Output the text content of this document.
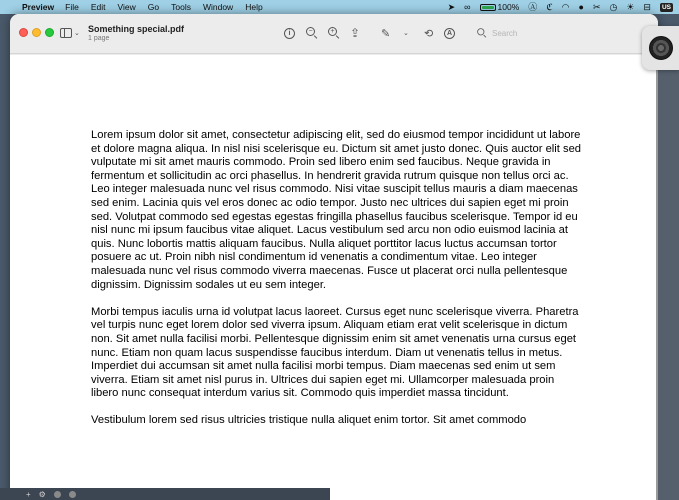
Preview File Edit View Go Tools Window Help	➤ ∞	100% Ⓐ ℭ ◠ ● ✂ ◷ ☀ ⊟	US
⌄ Something special.pdf
1 page
i	−	+ ⇪ ✎ ⌄ ⟲	A
Search

Lorem ipsum dolor sit amet, consectetur adipiscing elit, sed do eiusmod tempor incididunt ut labore et dolore magna aliqua. In nisl nisi scelerisque eu. Dictum sit amet justo donec. Quis auctor elit sed vulputate mi sit amet mauris commodo. Proin sed libero enim sed faucibus. Neque gravida in fermentum et sollicitudin ac orci phasellus. In hendrerit gravida rutrum quisque non tellus orci ac. Leo integer malesuada nunc vel risus commodo. Nisi vitae suscipit tellus mauris a diam maecenas sed enim. Lacinia quis vel eros donec ac odio tempor. Justo nec ultrices dui sapien eget mi proin sed. Volutpat commodo sed egestas egestas fringilla phasellus faucibus scelerisque. Tempor id eu nisl nunc mi ipsum faucibus vitae aliquet. Lacus vestibulum sed arcu non odio euismod lacinia at quis. Nunc lobortis mattis aliquam faucibus. Nulla aliquet porttitor lacus luctus accumsan tortor posuere ac ut. Proin nibh nisl condimentum id venenatis a condimentum vitae. Leo integer malesuada nunc vel risus commodo viverra maecenas. Fusce ut placerat orci nulla pellentesque dignissim. Dignissim sodales ut eu sem integer.

Morbi tempus iaculis urna id volutpat lacus laoreet. Cursus eget nunc scelerisque viverra. Pharetra vel turpis nunc eget lorem dolor sed viverra ipsum. Aliquam etiam erat velit scelerisque in dictum non. Sit amet nulla facilisi morbi. Pellentesque dignissim enim sit amet venenatis urna cursus eget nunc. Etiam non quam lacus suspendisse faucibus interdum. Diam ut venenatis tellus in metus. Imperdiet dui accumsan sit amet nulla facilisi morbi tempus. Diam maecenas sed enim ut sem viverra. Etiam sit amet nisl purus in. Ultrices dui sapien eget mi. Ullamcorper malesuada proin libero nunc consequat interdum varius sit. Commodo quis imperdiet massa tincidunt.

Vestibulum lorem sed risus ultricies tristique nulla aliquet enim tortor. Sit amet commodo

+ ⚙
